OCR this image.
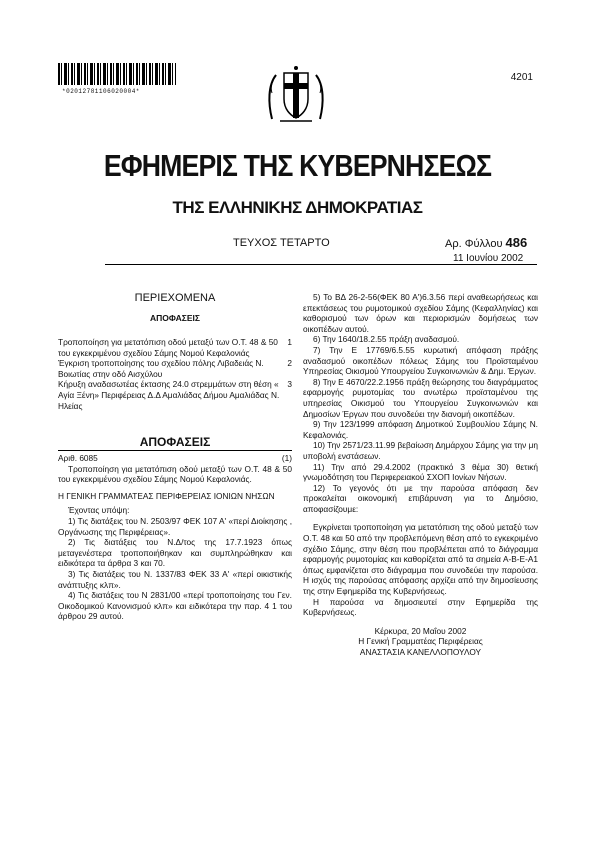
*02012781106020004*
4201
ΕΦΗΜΕΡΙΣ ΤΗΣ ΚΥΒΕΡΝΗΣΕΩΣ
ΤΗΣ ΕΛΛΗΝΙΚΗΣ ΔΗΜΟΚΡΑΤΙΑΣ
ΤΕΥΧΟΣ ΤΕΤΑΡΤΟ	Αρ. Φύλλου 486
11 Ιουνίου 2002
ΠΕΡΙΕΧΟΜΕΝΑ
ΑΠΟΦΑΣΕΙΣ
Τροποποίηση για μετατόπιση οδού μεταξύ των Ο.Τ. 48 & 50 του εγκεκριμένου σχεδίου Σάμης Νομού Κεφαλονιάς
1
Έγκριση τροποποίησης του σχεδίου πόλης Λιβαδειάς Ν. Βοιωτίας στην οδό Αισχύλου
2
Κήρυξη αναδασωτέας έκτασης 24.0 στρεμμάτων στη θέση « Αγία Ξένη» Περιφέρειας Δ.Δ Αμαλιάδας Δήμου Αμαλιάδας Ν. Ηλείας
3
ΑΠΟΦΑΣΕΙΣ
Αριθ. 6085	(1)

Τροποποίηση για μετατόπιση οδού μεταξύ των Ο.Τ. 48 & 50 του εγκεκριμένου σχεδίου Σάμης Νομού Κεφαλονιάς.

Η ΓΕΝΙΚΗ ΓΡΑΜΜΑΤΕΑΣ ΠΕΡΙΦΕΡΕΙΑΣ ΙΟΝΙΩΝ ΝΗΣΩΝ

Έχοντας υπόψη:

1) Τις διατάξεις του Ν. 2503/97 ΦΕΚ 107 Α' «περί Διοίκησης , Οργάνωσης της Περιφέρειας».

2) Τις διατάξεις του Ν.Δ/τος της 17.7.1923 όπως μεταγενέστερα τροποποιήθηκαν και συμπληρώθηκαν και ειδικότερα τα άρθρα 3 και 70.

3) Τις διατάξεις του Ν. 1337/83 ΦΕΚ 33 Α' «περί οικιστικής ανάπτυξης κλπ».

4) Τις διατάξεις του Ν 2831/00 «περί τροποποίησης του Γεν. Οικοδομικού Κανονισμού κλπ» και ειδικότερα την παρ. 4 1 του άρθρου 29 αυτού.

5) Το ΒΔ 26-2-56(ΦΕΚ 80 Α')6.3.56 περί αναθεωρήσεως και επεκτάσεως του ρυμοτομικού σχεδίου Σάμης (Κεφαλληνίας) και καθορισμού των όρων και περιορισμών δομήσεως των οικοπέδων αυτού.

6) Την 1640/18.2.55 πράξη αναδασμού.

7) Την Ε 17769/6.5.55 κυρωτική απόφαση πράξης αναδασμού οικοπέδων πόλεως Σάμης του Προϊσταμένου Υπηρεσίας Οικισμού Υπουργείου Συγκοινωνιών & Δημ. Έργων.

8) Την Ε 4670/22.2.1956 πράξη θεώρησης του διαγράμματος εφαρμογής ρυμοτομίας του ανωτέρω προϊσταμένου της υπηρεσίας Οικισμού του Υπουργείου Συγκοινωνιών και Δημοσίων Έργων που συνοδεύει την διανομή οικοπέδων.

9) Την 123/1999 απόφαση Δημοτικού Συμβουλίου Σάμης Ν. Κεφαλονιάς.

10) Την 2571/23.11.99 βεβαίωση Δημάρχου Σάμης για την μη υποβολή ενστάσεων.

11) Την από 29.4.2002 (πρακτικό 3 θέμα 30) θετική γνωμοδότηση του Περιφερειακού ΣΧΟΠ Ιονίων Νήσων.

12) Το γεγονός ότι με την παρούσα απόφαση δεν προκαλείται οικονομική επιβάρυνση για το Δημόσιο, αποφασίζουμε:

Εγκρίνεται τροποποίηση για μετατόπιση της οδού μεταξύ των Ο.Τ. 48 και 50 από την προβλεπόμενη θέση από το εγκεκριμένο σχέδιο Σάμης, στην θέση που προβλέπεται από το διάγραμμα εφαρμογής ρυμοτομίας και καθορίζεται από τα σημεία Α-Β-Ε-Α1 όπως εμφανίζεται στο διάγραμμα που συνοδεύει την παρούσα. Η ισχύς της παρούσας απόφασης αρχίζει από την δημοσίευσης της στην Εφημερίδα της Κυβερνήσεως.

Η παρούσα να δημοσιευτεί στην Εφημερίδα της Κυβερνήσεως.

Κέρκυρα, 20 Μαΐου 2002

Η Γενική Γραμματέας Περιφέρειας

ΑΝΑΣΤΑΣΙΑ ΚΑΝΕΛΛΟΠΟΥΛΟΥ
